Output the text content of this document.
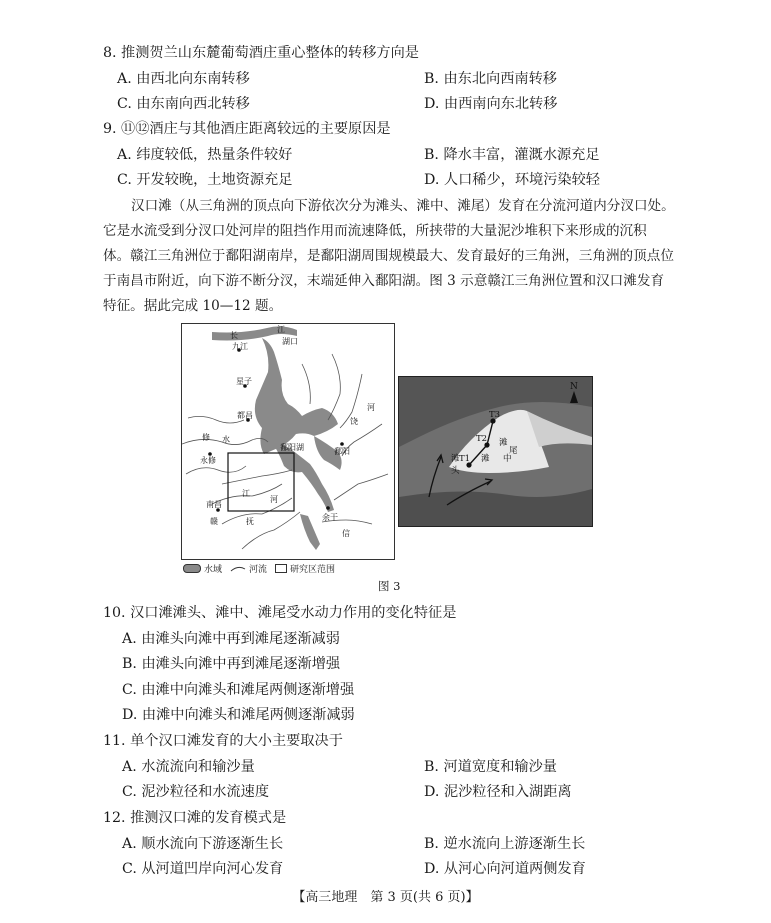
8. 推测贺兰山东麓葡萄酒庄重心整体的转移方向是
A. 由西北向东南转移	B. 由东北向西南转移
C. 由东南向西北转移	D. 由西南向东北转移
9. ⑪⑫酒庄与其他酒庄距离较远的主要原因是
A. 纬度较低，热量条件较好	B. 降水丰富，灌溉水源充足
C. 开发较晚，土地资源充足	D. 人口稀少，环境污染较轻
汉口滩（从三角洲的顶点向下游依次分为滩头、滩中、滩尾）发育在分流河道内分汊口处。
它是水流受到分汊口处河岸的阻挡作用而流速降低，所挟带的大量泥沙堆积下来形成的沉积
体。赣江三角洲位于鄱阳湖南岸，是鄱阳湖周围规模最大、发育最好的三角洲，三角洲的顶点位
于南昌市附近，向下游不断分汊，末端延伸入鄱阳湖。图 3 示意赣江三角洲位置和汉口滩发育
特征。据此完成 10—12 题。
长
江
湖口
九江
星子
都昌
饶
河
修 水
永修
鄱阳湖	鄱阳
江
河
南昌
赣	抚	余干
信
水域	河流	研究区范围
T1
T2
T3
滩
头
滩 中
滩
尾
N
图 3
10. 汉口滩滩头、滩中、滩尾受水动力作用的变化特征是
A. 由滩头向滩中再到滩尾逐渐减弱
B. 由滩头向滩中再到滩尾逐渐增强
C. 由滩中向滩头和滩尾两侧逐渐增强
D. 由滩中向滩头和滩尾两侧逐渐减弱
11. 单个汉口滩发育的大小主要取决于
A. 水流流向和输沙量	B. 河道宽度和输沙量
C. 泥沙粒径和水流速度	D. 泥沙粒径和入湖距离
12. 推测汉口滩的发育模式是
A. 顺水流向下游逐渐生长	B. 逆水流向上游逐渐生长
C. 从河道凹岸向河心发育	D. 从河心向河道两侧发育
【高三地理　第 3 页(共 6 页)】
